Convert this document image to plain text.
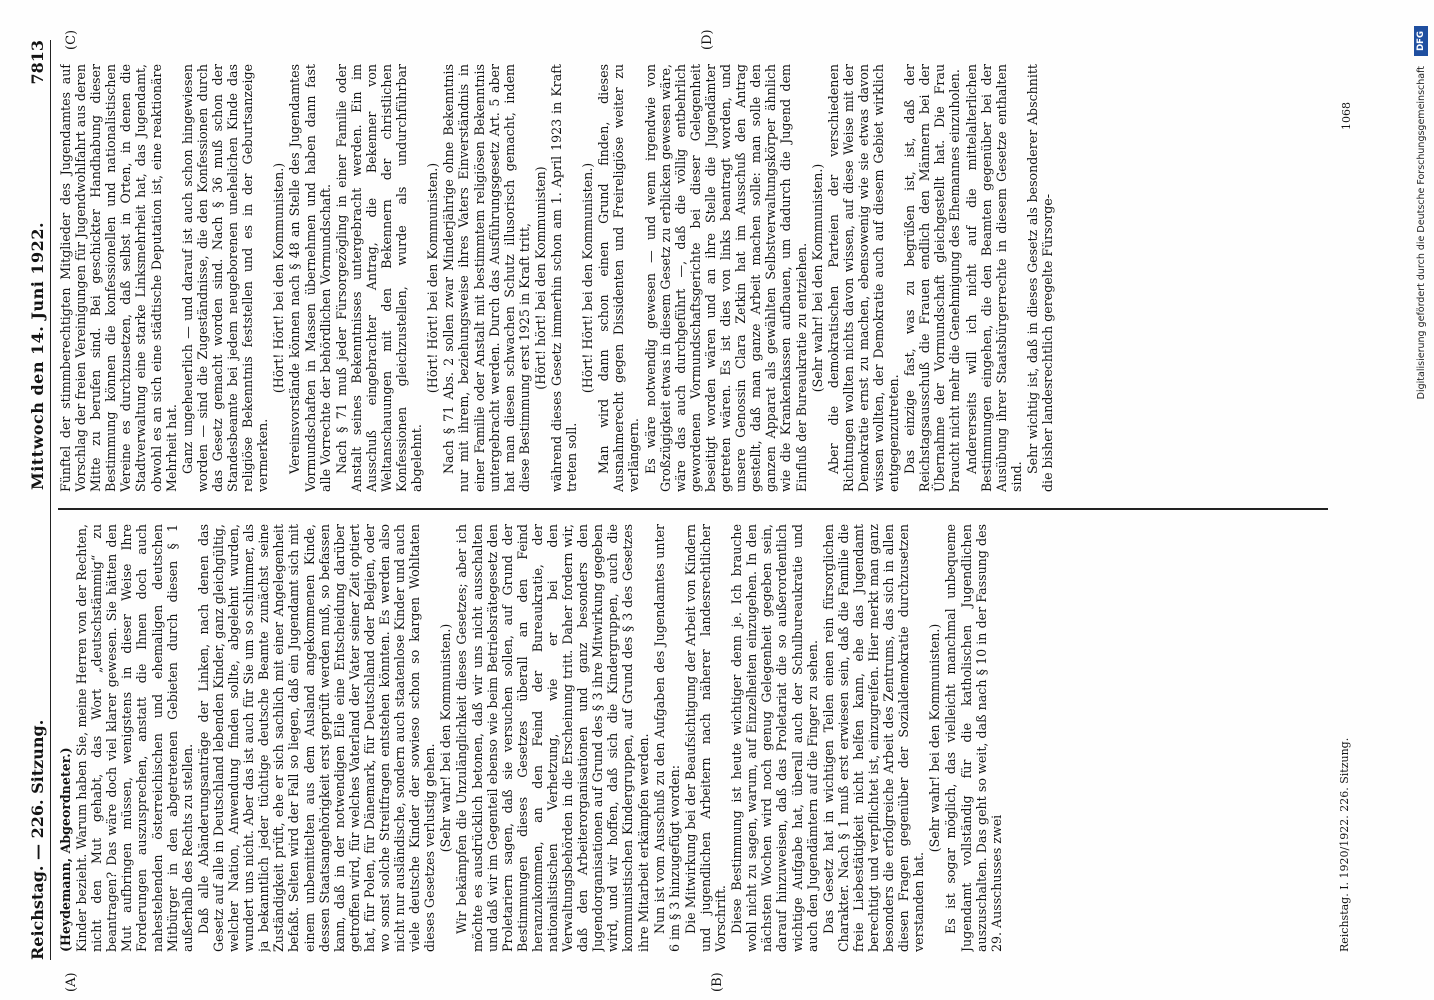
Digitalisierung gefördert durch die Deutsche Forschungsgemeinschaft
DFG
Reichstag. — 226. Sitzung.
Mittwoch den 14. Juni 1922.
7813
(A)	(B)
(C)	(D)
(Heydemann, Abgeordneter.) Kinder bezieht. Warum haben Sie, meine Herren von der Rechten, nicht den Mut gehabt, das Wort „deutschstämmig“ zu beantragen? Das wäre doch viel klarer gewesen. Sie hätten den Mut aufbringen müssen, wenigstens in dieser Weise Ihre Forderungen auszusprechen, anstatt die Ihnen doch auch nahestehenden österreichischen und ehemaligen deutschen Mitbürger in den abgetretenen Gebieten durch diesen § 1 außerhalb des Rechts zu stellen. Daß alle Abänderungsanträge der Linken, nach denen das Gesetz auf alle in Deutschland lebenden Kinder, ganz gleichgültig, welcher Nation, Anwendung finden sollte, abgelehnt wurden, wundert uns nicht. Aber das ist auch für Sie um so schlimmer, als ja bekanntlich jeder tüchtige deutsche Beamte zunächst seine Zuständigkeit prüft, ehe er sich sachlich mit einer Angelegenheit befaßt. Selten wird der Fall so liegen, daß ein Jugendamt sich mit einem unbemittelten aus dem Ausland angekommenen Kinde, dessen Staatsangehörigkeit erst geprüft werden muß, so befassen kann, daß in der notwendigen Eile eine Entscheidung darüber getroffen wird, für welches Vaterland der Vater seiner Zeit optiert hat, für Polen, für Dänemark, für Deutschland oder Belgien, oder wo sonst solche Streitfragen entstehen könnten. Es werden also nicht nur ausländische, sondern auch staatenlose Kinder und auch viele deutsche Kinder der sowieso schon so kargen Wohltaten dieses Gesetzes verlustig gehen. (Sehr wahr! bei den Kommunisten.) Wir bekämpfen die Unzulänglichkeit dieses Gesetzes; aber ich möchte es ausdrücklich betonen, daß wir uns nicht ausschalten und daß wir im Gegenteil ebenso wie beim Betriebsrätegesetz den Proletariern sagen, daß sie versuchen sollen, auf Grund der Bestimmungen dieses Gesetzes überall an den Feind heranzukommen, an den Feind der Bureaukratie, der nationalistischen Verhetzung, wie er bei den Verwaltungsbehörden in die Erscheinung tritt. Daher fordern wir, daß den Arbeiterorganisationen und ganz besonders den Jugendorganisationen auf Grund des § 3 ihre Mitwirkung gegeben wird, und wir hoffen, daß sich die Kindergruppen, auch die kommunistischen Kindergruppen, auf Grund des § 3 des Gesetzes ihre Mitarbeit erkämpfen werden. Nun ist vom Ausschuß zu den Aufgaben des Jugendamtes unter 6 im § 3 hinzugefügt worden: Die Mitwirkung bei der Beaufsichtigung der Arbeit von Kindern und jugendlichen Arbeitern nach näherer landesrechtlicher Vorschrift. Diese Bestimmung ist heute wichtiger denn je. Ich brauche wohl nicht zu sagen, warum, auf Einzelheiten einzugehen. In den nächsten Wochen wird noch genug Gelegenheit gegeben sein, darauf hinzuweisen, daß das Proletariat die so außerordentlich wichtige Aufgabe hat, überall auch der Schulbureaukratie und auch den Jugendämtern auf die Finger zu sehen. Das Gesetz hat in wichtigen Teilen einen rein fürsorglichen Charakter. Nach § 1 muß erst erwiesen sein, daß die Familie die freie Liebestätigkeit nicht helfen kann, ehe das Jugendamt berechtigt und verpflichtet ist, einzugreifen. Hier merkt man ganz besonders die erfolgreiche Arbeit des Zentrums, das sich in allen diesen Fragen gegenüber der Sozialdemokratie durchzusetzen verstanden hat.
(Sehr wahr! bei den Kommunisten.) Es ist sogar möglich, das vielleicht manchmal unbequeme Jugendamt vollständig für die katholischen Jugendlichen auszuschalten. Das geht so weit, daß nach § 10 in der Fassung des 29. Ausschusses zwei
Fünftel der stimmberechtigten Mitglieder des Jugendamtes auf Vorschlag der freien Vereinigungen für Jugendwohlfahrt aus deren Mitte zu berufen sind. Bei geschickter Handhabung dieser Bestimmung können die konfessionellen und nationalistischen Vereine es durchzusetzen, daß selbst in Orten, in denen die Stadtverwaltung eine starke Linksmehrheit hat, das Jugendamt, obwohl es an sich eine städtische Deputation ist, eine reaktionäre Mehrheit hat. Ganz ungeheuerlich — und darauf ist auch schon hingewiesen worden — sind die Zugeständnisse, die den Konfessionen durch das Gesetz gemacht worden sind. Nach § 36 muß schon der Standesbeamte bei jedem neugeborenen unehelichen Kinde das religiöse Bekenntnis feststellen und es in der Geburtsanzeige vermerken.
(Hört! Hört! bei den Kommunisten.) Vereinsvorstände können nach § 48 an Stelle des Jugendamtes Vormundschaften in Massen übernehmen und haben dann fast alle Vorrechte der behördlichen Vormundschaft. Nach § 71 muß jeder Fürsorgezögling in einer Familie oder Anstalt seines Bekenntnisses untergebracht werden. Ein im Ausschuß eingebrachter Antrag, die Bekenner von Weltanschauungen mit den Bekennern der christlichen Konfessionen gleichzustellen, wurde als undurchführbar abgelehnt.
(Hört! Hört! bei den Kommunisten.) Nach § 71 Abs. 2 sollen zwar Minderjährige ohne Bekenntnis nur mit ihrem, beziehungsweise ihres Vaters Einverständnis in einer Familie oder Anstalt mit bestimmtem religiösen Bekenntnis untergebracht werden. Durch das Ausführungsgesetz Art. 5 aber hat man diesen schwachen Schutz illusorisch gemacht, indem diese Bestimmung erst 1925 in Kraft tritt, (Hört! hört! bei den Kommunisten) während dieses Gesetz immerhin schon am 1. April 1923 in Kraft treten soll.
(Hört! Hört! bei den Kommunisten.) Man wird dann schon einen Grund finden, dieses Ausnahmerecht gegen Dissidenten und Freireligiöse weiter zu verlängern. Es wäre notwendig gewesen — und wenn irgendwie von Großzügigkeit etwas in diesem Gesetz zu erblicken gewesen wäre, wäre das auch durchgeführt —, daß die völlig entbehrlich gewordenen Vormundschaftsgerichte bei dieser Gelegenheit beseitigt worden wären und an ihre Stelle die Jugendämter getreten wären. Es ist dies von links beantragt worden, und unsere Genossin Clara Zetkin hat im Ausschuß den Antrag gestellt, daß man ganze Arbeit machen solle: man solle den ganzen Apparat als gewählten Selbstverwaltungskörper ähnlich wie die Krankenkassen aufbauen, um dadurch die Jugend dem Einfluß der Bureaukratie zu entziehen. (Sehr wahr! bei den Kommunisten.) Aber die demokratischen Parteien der verschiedenen Richtungen wollten nichts davon wissen, auf diese Weise mit der Demokratie ernst zu machen, ebensowenig wie sie etwas davon wissen wollten, der Demokratie auch auf diesem Gebiet wirklich entgegenzutreten. Das einzige fast, was zu begrüßen ist, ist, daß der Reichstagsausschuß die Frauen endlich den Männern bei der Übernahme der Vormundschaft gleichgestellt hat. Die Frau braucht nicht mehr die Genehmigung des Ehemannes einzuholen. Andererseits will ich nicht auf die mittelalterlichen Bestimmungen eingehen, die den Beamten gegenüber bei der Ausübung ihrer Staatsbürgerrechte in diesem Gesetze enthalten sind.
Sehr wichtig ist, daß in dieses Gesetz als besonderer Abschnitt die bisher landesrechtlich geregelte Fürsorge-
Reichstag. I. 1920/1922. 226. Sitzung.
1068
